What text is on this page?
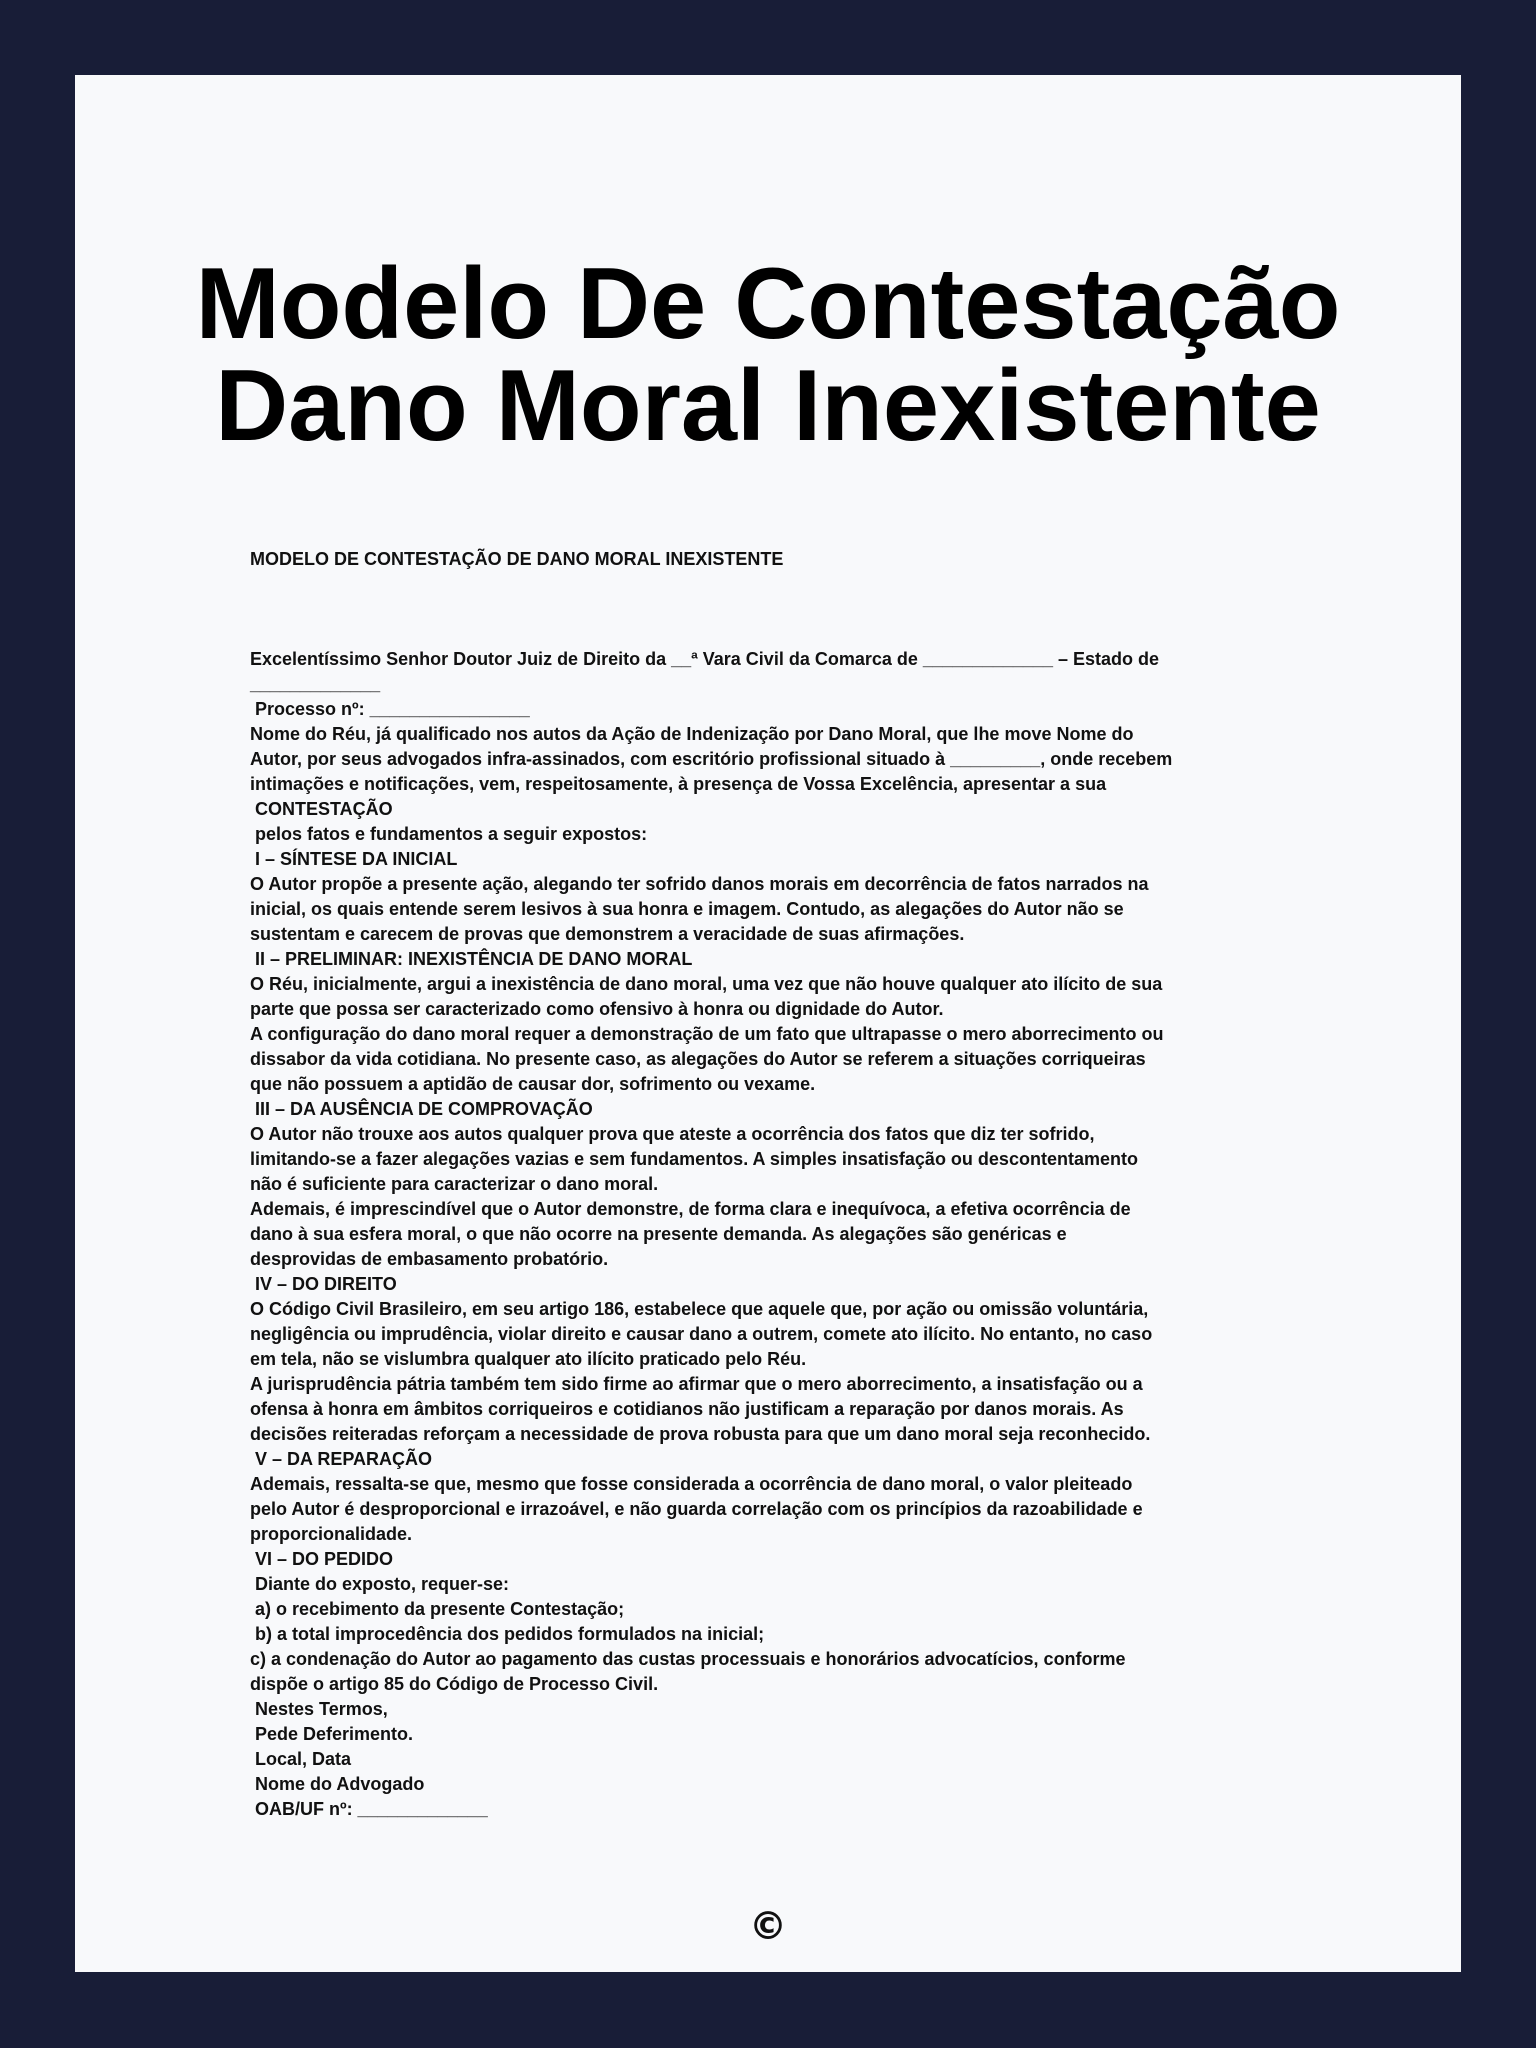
Modelo De Contestação
Dano Moral Inexistente
MODELO DE CONTESTAÇÃO DE DANO MORAL INEXISTENTE
Excelentíssimo Senhor Doutor Juiz de Direito da __ª Vara Civil da Comarca de _____________ – Estado de
_____________
Processo nº: ________________
Nome do Réu, já qualificado nos autos da Ação de Indenização por Dano Moral, que lhe move Nome do
Autor, por seus advogados infra-assinados, com escritório profissional situado à _________, onde recebem
intimações e notificações, vem, respeitosamente, à presença de Vossa Excelência, apresentar a sua
CONTESTAÇÃO
pelos fatos e fundamentos a seguir expostos:
I – SÍNTESE DA INICIAL
O Autor propõe a presente ação, alegando ter sofrido danos morais em decorrência de fatos narrados na
inicial, os quais entende serem lesivos à sua honra e imagem. Contudo, as alegações do Autor não se
sustentam e carecem de provas que demonstrem a veracidade de suas afirmações.
II – PRELIMINAR: INEXISTÊNCIA DE DANO MORAL
O Réu, inicialmente, argui a inexistência de dano moral, uma vez que não houve qualquer ato ilícito de sua
parte que possa ser caracterizado como ofensivo à honra ou dignidade do Autor.
A configuração do dano moral requer a demonstração de um fato que ultrapasse o mero aborrecimento ou
dissabor da vida cotidiana. No presente caso, as alegações do Autor se referem a situações corriqueiras
que não possuem a aptidão de causar dor, sofrimento ou vexame.
III – DA AUSÊNCIA DE COMPROVAÇÃO
O Autor não trouxe aos autos qualquer prova que ateste a ocorrência dos fatos que diz ter sofrido,
limitando-se a fazer alegações vazias e sem fundamentos. A simples insatisfação ou descontentamento
não é suficiente para caracterizar o dano moral.
Ademais, é imprescindível que o Autor demonstre, de forma clara e inequívoca, a efetiva ocorrência de
dano à sua esfera moral, o que não ocorre na presente demanda. As alegações são genéricas e
desprovidas de embasamento probatório.
IV – DO DIREITO
O Código Civil Brasileiro, em seu artigo 186, estabelece que aquele que, por ação ou omissão voluntária,
negligência ou imprudência, violar direito e causar dano a outrem, comete ato ilícito. No entanto, no caso
em tela, não se vislumbra qualquer ato ilícito praticado pelo Réu.
A jurisprudência pátria também tem sido firme ao afirmar que o mero aborrecimento, a insatisfação ou a
ofensa à honra em âmbitos corriqueiros e cotidianos não justificam a reparação por danos morais. As
decisões reiteradas reforçam a necessidade de prova robusta para que um dano moral seja reconhecido.
V – DA REPARAÇÃO
Ademais, ressalta-se que, mesmo que fosse considerada a ocorrência de dano moral, o valor pleiteado
pelo Autor é desproporcional e irrazoável, e não guarda correlação com os princípios da razoabilidade e
proporcionalidade.
VI – DO PEDIDO
Diante do exposto, requer-se:
a) o recebimento da presente Contestação;
b) a total improcedência dos pedidos formulados na inicial;
c) a condenação do Autor ao pagamento das custas processuais e honorários advocatícios, conforme
dispõe o artigo 85 do Código de Processo Civil.
Nestes Termos,
Pede Deferimento.
Local, Data
Nome do Advogado
OAB/UF nº: _____________
©
